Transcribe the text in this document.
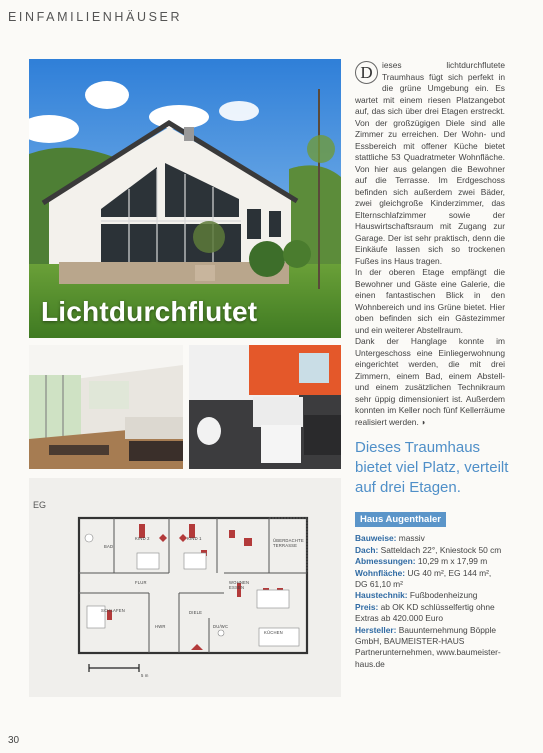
EINFAMILIENHÄUSER
Lichtdurchflutet
D	ieses lichtdurchflutete Traumhaus fügt sich perfekt in die grüne Umgebung ein. Es wartet mit einem riesen Platzangebot auf, das sich über drei Etagen erstreckt. Von der großzügigen Diele sind alle Zimmer zu erreichen. Der Wohn- und Essbereich mit offener Küche bietet stattliche 53 Quadratmeter Wohnfläche. Von hier aus gelangen die Bewohner auf die Terrasse. Im Erdgeschoss befinden sich außerdem zwei Bäder, zwei gleichgroße Kinderzimmer, das Elternschlafzimmer sowie der Hauswirtschaftsraum mit Zugang zur Garage. Der ist sehr praktisch, denn die Einkäufe lassen sich so trockenen Fußes ins Haus tragen.
In der oberen Etage empfängt die Bewohner und Gäste eine Galerie, die einen fantastischen Blick in den Wohnbereich und ins Grüne bietet. Hier oben befinden sich ein Gästezimmer und ein weiterer Abstellraum.
Dank der Hanglage konnte im Untergeschoss eine Einliegerwohnung eingerichtet werden, die mit drei Zimmern, einem Bad, einem Abstell- und einem zusätzlichen Technikraum sehr üppig dimensioniert ist. Außerdem konnten im Keller noch fünf Kellerräume realisiert werden. ◗
Dieses Traumhaus bietet viel Platz, verteilt auf drei Etagen.
Haus Augenthaler

Bauweise: massiv

Dach: Satteldach 22°, Kniestock 50 cm

Abmessungen: 10,29 m x 17,99 m

Wohnfläche: UG 40 m², EG 144 m², DG 61,10 m²

Haustechnik: Fußbodenheizung

Preis: ab OK KD schlüsselfertig ohne Extras ab 420.000 Euro

Hersteller: Bauunternehmung Böpple GmbH, BAUMEISTER-HAUS Partnerunternehmen, www.baumeister-haus.de

BAD
KIND 2	KIND 1	ÜBERDACHTE TERRASSE
FLUR	WOHNEN ESSEN
SCHLAFEN
HWR
DIELE
DU/WC
KÜCHEN
5 m
EG
30
